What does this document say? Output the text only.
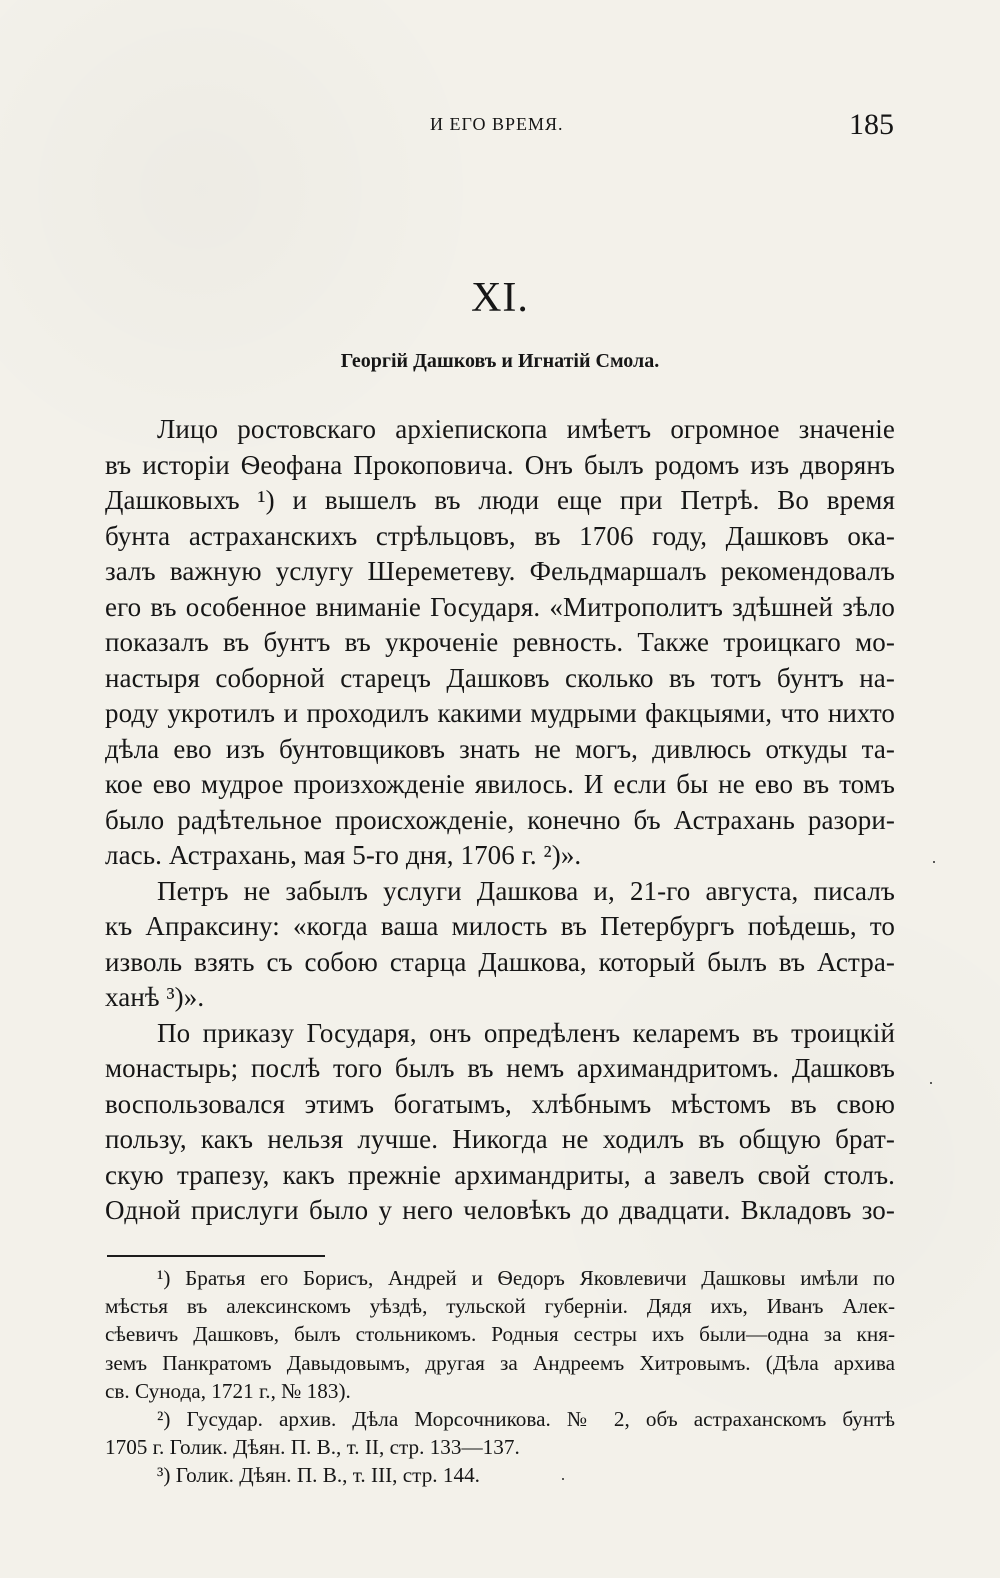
И ЕГО ВРЕМЯ.	185
XI.
Георгій Дашковъ и Игнатій Смола.
Лицо ростовскаго архіепископа имѣетъ огромное значеніе
въ исторіи Ѳеофана Прокоповича. Онъ былъ родомъ изъ дворянъ
Дашковыхъ ¹) и вышелъ въ люди еще при Петрѣ. Во время
бунта астраханскихъ стрѣльцовъ, въ 1706 году, Дашковъ ока-
залъ важную услугу Шереметеву. Фельдмаршалъ рекомендовалъ
его въ особенное вниманіе Государя. «Митрополитъ здѣшней зѣло
показалъ въ бунтъ въ укроченіе ревность. Также троицкаго мо-
настыря соборной старецъ Дашковъ сколько въ тотъ бунтъ на-
роду укротилъ и проходилъ какими мудрыми факцыями, что нихто
дѣла ево изъ бунтовщиковъ знать не могъ, дивлюсь откуды та-
кое ево мудрое произхожденіе явилось. И если бы не ево въ томъ
было радѣтельное происхожденіе, конечно бъ Астрахань разори-
лась. Астрахань, мая 5-го дня, 1706 г. ²)».
Петръ не забылъ услуги Дашкова и, 21-го августа, писалъ
къ Апраксину: «когда ваша милость въ Петербургъ поѣдешь, то
изволь взять съ собою старца Дашкова, который былъ въ Астра-
ханѣ ³)».
По приказу Государя, онъ опредѣленъ келаремъ въ троицкій
монастырь; послѣ того былъ въ немъ архимандритомъ. Дашковъ
воспользовался этимъ богатымъ, хлѣбнымъ мѣстомъ въ свою
пользу, какъ нельзя лучше. Никогда не ходилъ въ общую брат-
скую трапезу, какъ прежніе архимандриты, а завелъ свой столъ.
Одной прислуги было у него человѣкъ до двадцати. Вкладовъ зо-
¹) Братья его Борисъ, Андрей и Ѳедоръ Яковлевичи Дашковы имѣли по
мѣстья въ алексинскомъ уѣздѣ, тульской губерніи. Дядя ихъ, Иванъ Алек-
сѣевичъ Дашковъ, былъ стольникомъ. Родныя сестры ихъ были—одна за кня-
земъ Панкратомъ Давыдовымъ, другая за Андреемъ Хитровымъ. (Дѣла архива
св. Сунода, 1721 г., № 183).
²) Гусудар. архив. Дѣла Морсочникова. № 2, объ астраханскомъ бунтѣ
1705 г. Голик. Дѣян. П. В., т. II, стр. 133—137.
³) Голик. Дѣян. П. В., т. III, стр. 144.
